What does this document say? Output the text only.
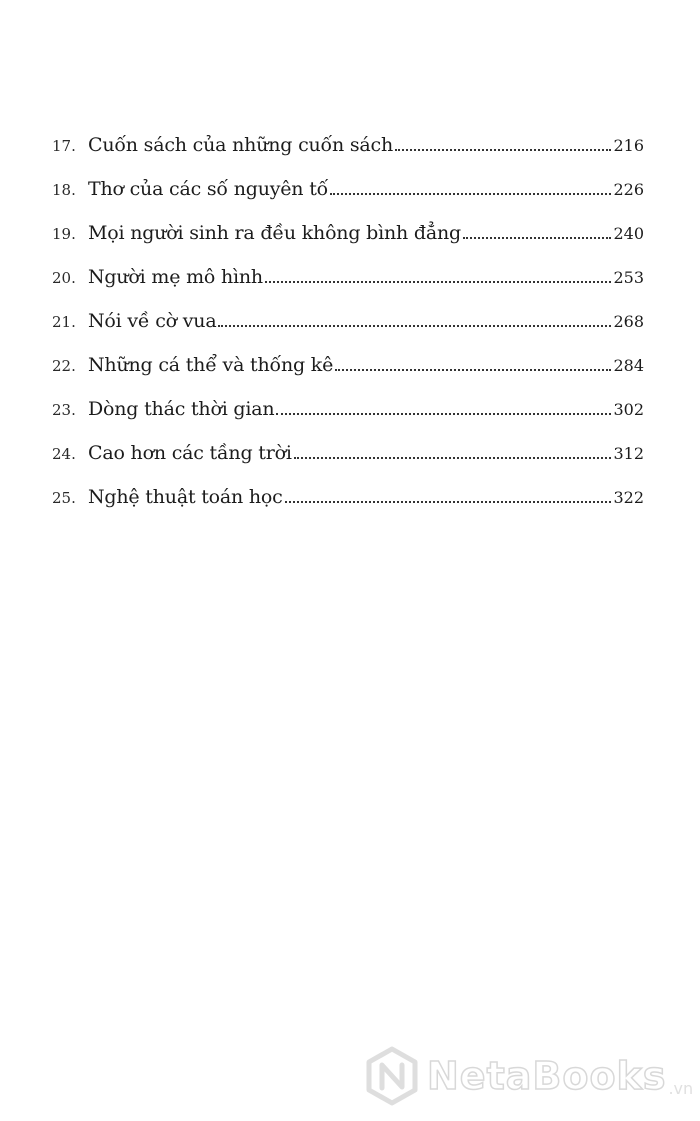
17. Cuốn sách của những cuốn sách	216
18. Thơ của các số nguyên tố	226
19. Mọi người sinh ra đều không bình đẳng	240
20. Người mẹ mô hình	253
21. Nói về cờ vua	268
22. Những cá thể và thống kê	284
23. Dòng thác thời gian	302
24. Cao hơn các tầng trời	312
25. Nghệ thuật toán học	322
NetaBooks .vn
